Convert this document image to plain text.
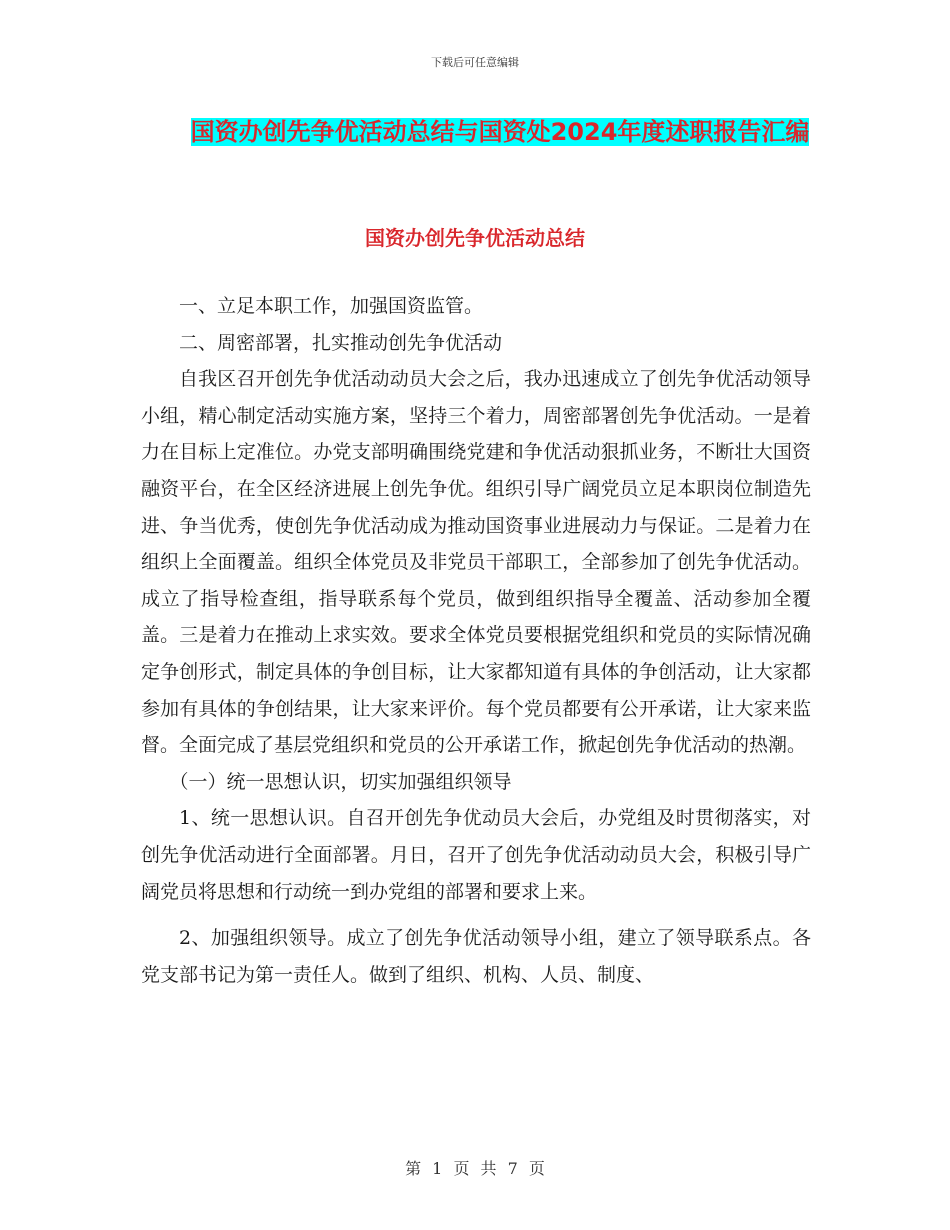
下载后可任意编辑
国资办创先争优活动总结与国资处2024年度述职报告汇编
国资办创先争优活动总结

一、立足本职工作，加强国资监管。

二、周密部署，扎实推动创先争优活动

自我区召开创先争优活动动员大会之后，我办迅速成立了创先争优活动领导小组，精心制定活动实施方案，坚持三个着力，周密部署创先争优活动。一是着力在目标上定准位。办党支部明确围绕党建和争优活动狠抓业务，不断壮大国资融资平台，在全区经济进展上创先争优。组织引导广阔党员立足本职岗位制造先进、争当优秀，使创先争优活动成为推动国资事业进展动力与保证。二是着力在组织上全面覆盖。组织全体党员及非党员干部职工，全部参加了创先争优活动。成立了指导检查组，指导联系每个党员，做到组织指导全覆盖、活动参加全覆盖。三是着力在推动上求实效。要求全体党员要根据党组织和党员的实际情况确定争创形式，制定具体的争创目标，让大家都知道有具体的争创活动，让大家都参加有具体的争创结果，让大家来评价。每个党员都要有公开承诺，让大家来监督。全面完成了基层党组织和党员的公开承诺工作，掀起创先争优活动的热潮。

（一）统一思想认识，切实加强组织领导

1、统一思想认识。自召开创先争优动员大会后，办党组及时贯彻落实，对创先争优活动进行全面部署。月日，召开了创先争优活动动员大会，积极引导广阔党员将思想和行动统一到办党组的部署和要求上来。

2、加强组织领导。成立了创先争优活动领导小组，建立了领导联系点。各党支部书记为第一责任人。做到了组织、机构、人员、制度、

第 1 页 共 7 页
